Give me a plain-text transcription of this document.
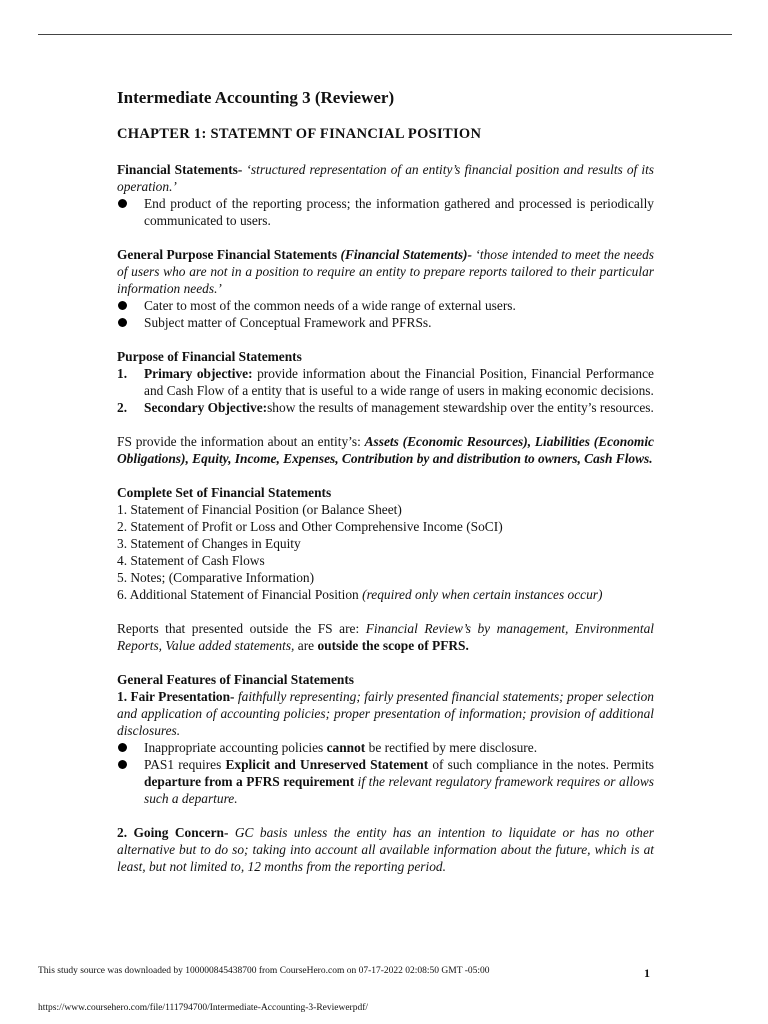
Intermediate Accounting 3 (Reviewer)
CHAPTER 1: STATEMNT OF FINANCIAL POSITION

Financial Statements- ‘structured representation of an entity’s financial position and results of its operation.’

End product of the reporting process; the information gathered and processed is periodically communicated to users.

General Purpose Financial Statements (Financial Statements)- ‘those intended to meet the needs of users who are not in a position to require an entity to prepare reports tailored to their particular information needs.’

Cater to most of the common needs of a wide range of external users.
Subject matter of Conceptual Framework and PFRSs.

Purpose of Financial Statements

1. Primary objective: provide information about the Financial Position, Financial Performance and Cash Flow of a entity that is useful to a wide range of users in making economic decisions.
2. Secondary Objective:show the results of management stewardship over the entity’s resources.

FS provide the information about an entity’s: Assets (Economic Resources), Liabilities (Economic Obligations), Equity, Income, Expenses, Contribution by and distribution to owners, Cash Flows.

Complete Set of Financial Statements

1. Statement of Financial Position (or Balance Sheet)

2. Statement of Profit or Loss and Other Comprehensive Income (SoCI)

3. Statement of Changes in Equity

4. Statement of Cash Flows

5. Notes; (Comparative Information)

6. Additional Statement of Financial Position (required only when certain instances occur)

Reports that presented outside the FS are: Financial Review’s by management, Environmental Reports, Value added statements, are outside the scope of PFRS.

General Features of Financial Statements

1. Fair Presentation- faithfully representing; fairly presented financial statements; proper selection and application of accounting policies; proper presentation of information; provision of additional disclosures.

Inappropriate accounting policies cannot be rectified by mere disclosure.
PAS1 requires Explicit and Unreserved Statement of such compliance in the notes. Permits departure from a PFRS requirement if the relevant regulatory framework requires or allows such a departure.

2. Going Concern- GC basis unless the entity has an intention to liquidate or has no other alternative but to do so; taking into account all available information about the future, which is at least, but not limited to, 12 months from the reporting period.

This study source was downloaded by 100000845438700 from CourseHero.com on 07-17-2022 02:08:50 GMT -05:00	1
https://www.coursehero.com/file/111794700/Intermediate-Accounting-3-Reviewerpdf/
